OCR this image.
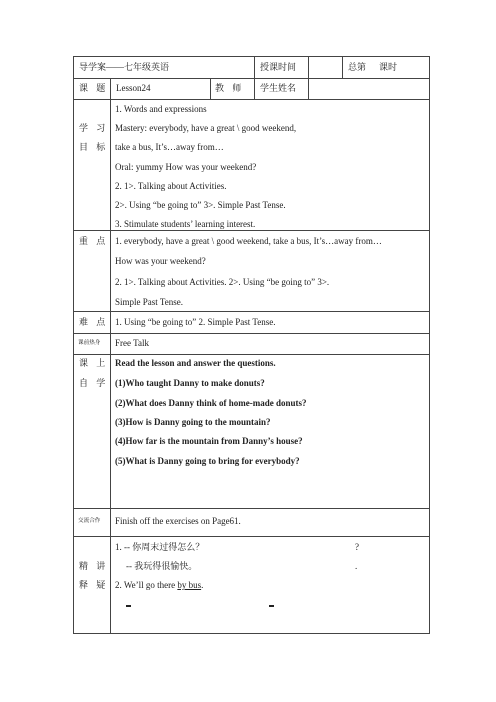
导学案——七年级英语	授课时间	总第 课时
课 题 Lesson24	教 师 学生姓名
学 习
目 标
1. Words and expressions
Mastery: everybody, have a great \ good weekend,
take a bus, It’s…away from…
Oral: yummy How was your weekend?
2. 1>. Talking about Activities.
2>. Using “be going to” 3>. Simple Past Tense.
3. Stimulate students’ learning interest.
重 点 1. everybody, have a great \ good weekend, take a bus, It’s…away from…
How was your weekend?
2. 1>. Talking about Activities. 2>. Using “be going to” 3>.
Simple Past Tense.
难 点 1. Using “be going to” 2. Simple Past Tense.
课前热身 Free Talk
课 上
自 学
Read the lesson and answer the questions.
(1)Who taught Danny to make donuts?
(2)What does Danny think of home-made donuts?
(3)How is Danny going to the mountain?
(4)How far is the mountain from Danny’s house?
(5)What is Danny going to bring for everybody?
交流合作 Finish off the exercises on Page61.
精 讲
释 疑
1. -- 你周末过得怎么？	?
-- 我玩得很愉快。	.
2. We’ll go there by bus.
